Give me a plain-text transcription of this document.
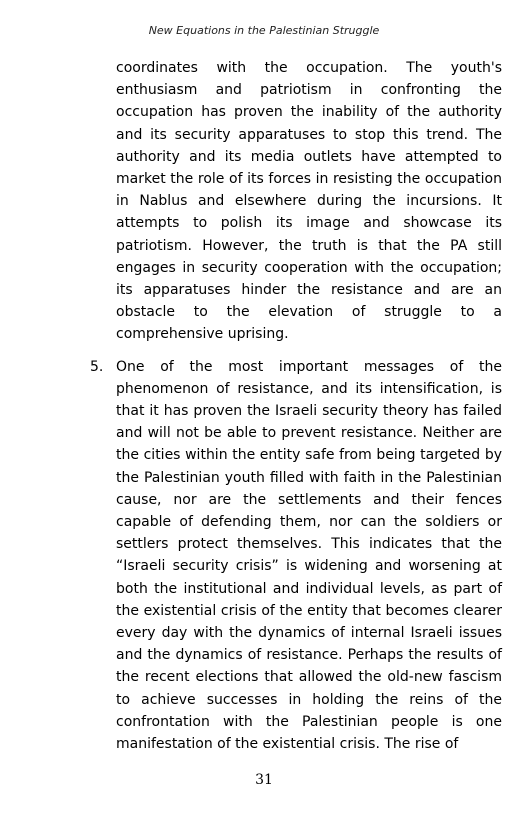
New Equations in the Palestinian Struggle

coordinates with the occupation. The youth's enthusiasm and patriotism in confronting the occupation has proven the inability of the authority and its security apparatuses to stop this trend. The authority and its media outlets have attempted to market the role of its forces in resisting the occupation in Nablus and elsewhere during the incursions. It attempts to polish its image and showcase its patriotism. However, the truth is that the PA still engages in security cooperation with the occupation; its apparatuses hinder the resistance and are an obstacle to the elevation of struggle to a comprehensive uprising.

5. One of the most important messages of the phenomenon of resistance, and its intensification, is that it has proven the Israeli security theory has failed and will not be able to prevent resistance. Neither are the cities within the entity safe from being targeted by the Palestinian youth filled with faith in the Palestinian cause, nor are the settlements and their fences capable of defending them, nor can the soldiers or settlers protect themselves. This indicates that the “Israeli security crisis” is widening and worsening at both the institutional and individual levels, as part of the existential crisis of the entity that becomes clearer every day with the dynamics of internal Israeli issues and the dynamics of resistance. Perhaps the results of the recent elections that allowed the old-new fascism to achieve successes in holding the reins of the confrontation with the Palestinian people is one manifestation of the existential crisis. The rise of

31
